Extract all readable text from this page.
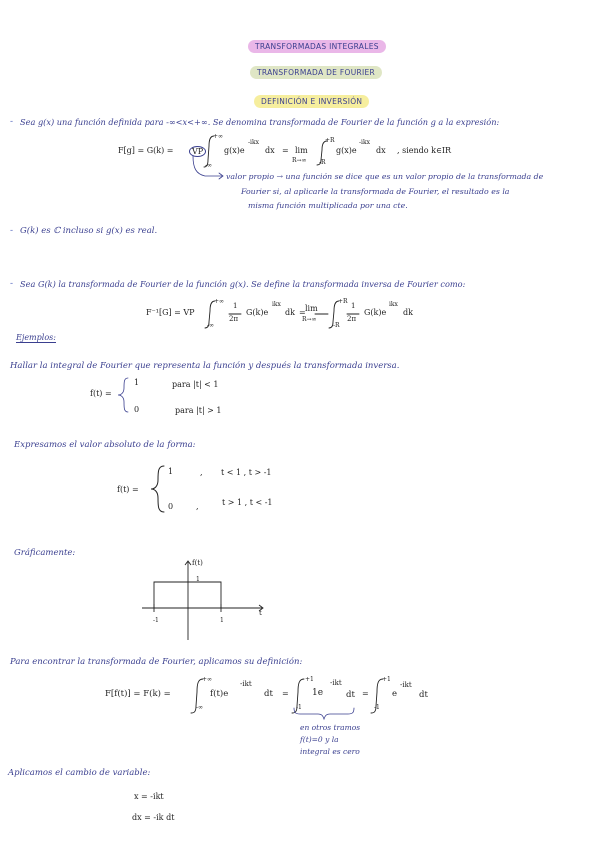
TRANSFORMADAS INTEGRALES
TRANSFORMADA DE FOURIER
DEFINICIÓN E INVERSIÓN
- Sea g(x) una función definida para -∞<x<+∞. Se denomina transformada de Fourier de la función g a la expresión:
F[g] = G(k) =	VP
+∞
-∞
g(x)e
-ikx
dx = lim
R→∞
+R
-R
g(x)e
-ikx
dx , siendo k∈IR
valor propio → una función se dice que es un valor propio de la transformada de
Fourier si, al aplicarle la transformada de Fourier, el resultado es la
misma función multiplicada por una cte.
- G(k) es ℂ incluso si g(x) es real.
- Sea G(k) la transformada de Fourier de la función g(x). Se define la transformada inversa de Fourier como:
F⁻¹[G] = VP
+∞
-∞
1
2π
G(k)e
ikx
dk = lim
R→∞
+R
-R
1
2π
G(k)e
ikx
dk
Ejemplos:
Hallar la integral de Fourier que representa la función y después la transformada inversa.
f(t) =
1	para |t| < 1
0	para |t| > 1
Expresamos el valor absoluto de la forma:
f(t) =
1	, t < 1 , t > -1
0	,	t > 1 , t < -1
Gráficamente:
f(t)
t
1
-1	1
Para encontrar la transformada de Fourier, aplicamos su definición:
F[f(t)] = F(k) =
+∞
-∞
f(t)e
-ikt
dt =
+1
-1
1e
-ikt
dt =
+1
-1
e
-ikt
dt
en otros tramos
f(t)=0 y la
integral es cero
Aplicamos el cambio de variable:
x = -ikt
dx = -ik dt
